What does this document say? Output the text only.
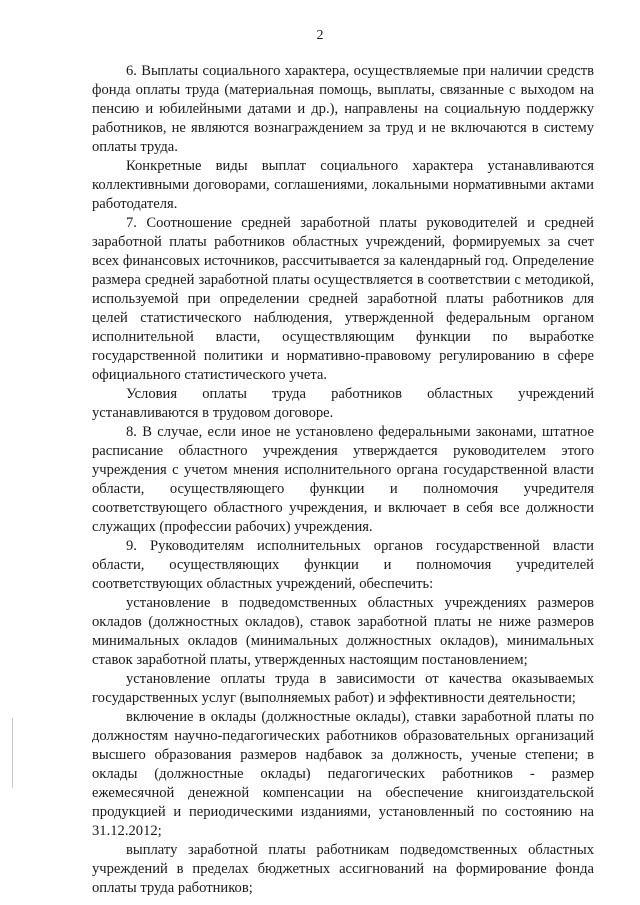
2

6. Выплаты социального характера, осуществляемые при наличии средств фонда оплаты труда (материальная помощь, выплаты, связанные с выходом на пенсию и юбилейными датами и др.), направлены на социальную поддержку работников, не являются вознаграждением за труд и не включаются в систему оплаты труда.

Конкретные виды выплат социального характера устанавливаются коллективными договорами, соглашениями, локальными нормативными актами работодателя.

7. Соотношение средней заработной платы руководителей и средней заработной платы работников областных учреждений, формируемых за счет всех финансовых источников, рассчитывается за календарный год. Определение размера средней заработной платы осуществляется в соответствии с методикой, используемой при определении средней заработной платы работников для целей статистического наблюдения, утвержденной федеральным органом исполнительной власти, осуществляющим функции по выработке государственной политики и нормативно-правовому регулированию в сфере официального статистического учета.

Условия оплаты труда работников областных учреждений устанавливаются в трудовом договоре.

8. В случае, если иное не установлено федеральными законами, штатное расписание областного учреждения утверждается руководителем этого учреждения с учетом мнения исполнительного органа государственной власти области, осуществляющего функции и полномочия учредителя соответствующего областного учреждения, и включает в себя все должности служащих (профессии рабочих) учреждения.

9. Руководителям исполнительных органов государственной власти области, осуществляющих функции и полномочия учредителей соответствующих областных учреждений, обеспечить:

установление в подведомственных областных учреждениях размеров окладов (должностных окладов), ставок заработной платы не ниже размеров минимальных окладов (минимальных должностных окладов), минимальных ставок заработной платы, утвержденных настоящим постановлением;

установление оплаты труда в зависимости от качества оказываемых государственных услуг (выполняемых работ) и эффективности деятельности;

включение в оклады (должностные оклады), ставки заработной платы по должностям научно-педагогических работников образовательных организаций высшего образования размеров надбавок за должность, ученые степени; в оклады (должностные оклады) педагогических работников - размер ежемесячной денежной компенсации на обеспечение книгоиздательской продукцией и периодическими изданиями, установленный по состоянию на 31.12.2012;

выплату заработной платы работникам подведомственных областных учреждений в пределах бюджетных ассигнований на формирование фонда оплаты труда работников;
